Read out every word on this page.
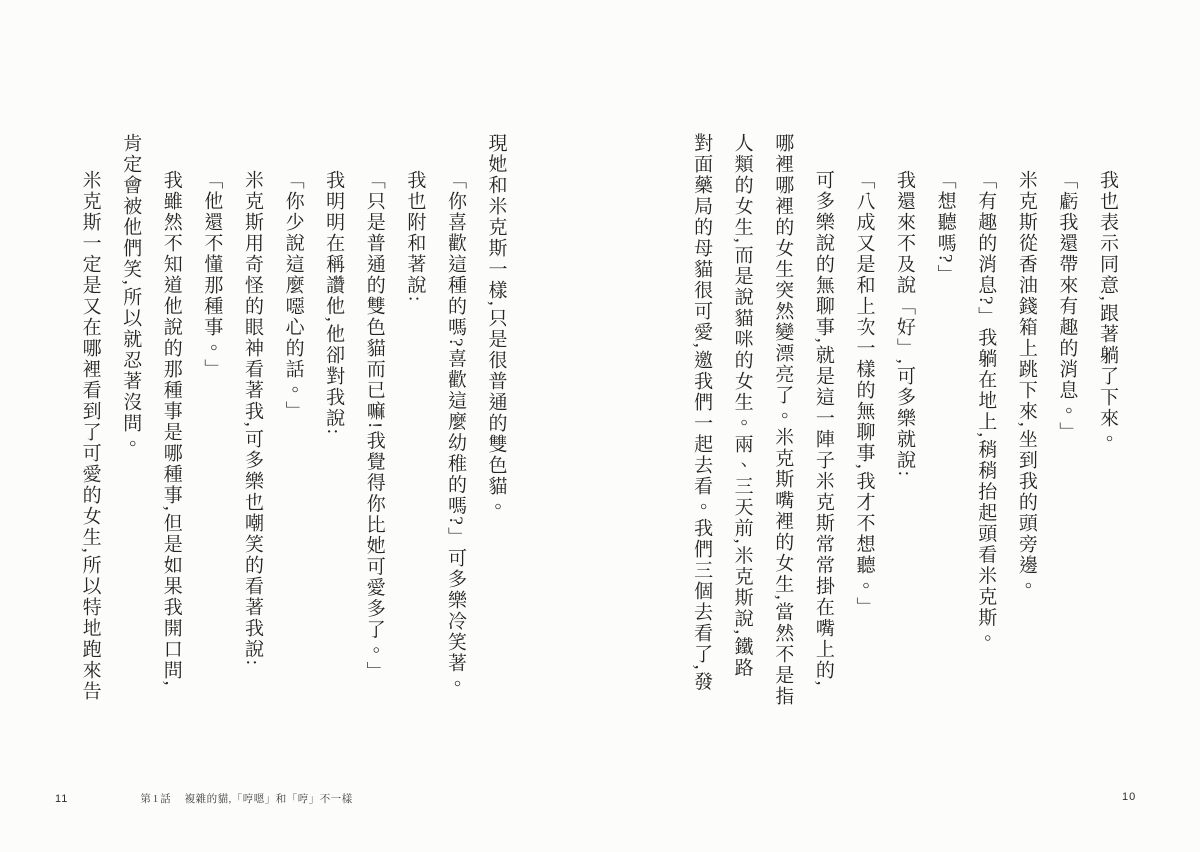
我也表示同意,跟著躺了下來。

「虧我還帶來有趣的消息。」

米克斯從香油錢箱上跳下來,坐到我的頭旁邊。

「有趣的消息?」我躺在地上,稍稍抬起頭看米克斯。

「想聽嗎?」

我還來不及說「好」,可多樂就說:

「八成又是和上次一樣的無聊事,我才不想聽。」

可多樂說的無聊事,就是這一陣子米克斯常常掛在嘴上的,

哪裡哪裡的女生突然變漂亮了。米克斯嘴裡的女生,當然不是指

人類的女生,而是說貓咪的女生。兩、三天前,米克斯說,鐵路

對面藥局的母貓很可愛,邀我們一起去看。我們三個去看了,發

10

現她和米克斯一樣,只是很普通的雙色貓。

「你喜歡這種的嗎?喜歡這麼幼稚的嗎?」可多樂冷笑著。

我也附和著說:

「只是普通的雙色貓而已嘛!我覺得你比她可愛多了。」

我明明在稱讚他,他卻對我說:

「你少說這麼噁心的話。」

米克斯用奇怪的眼神看著我,可多樂也嘲笑的看著我說:

「他還不懂那種事。」

我雖然不知道他說的那種事是哪種事,但是如果我開口問,

肯定會被他們笑,所以就忍著沒問。

米克斯一定是又在哪裡看到了可愛的女生,所以特地跑來告

11	第1話 複雜的貓,「哼嗯」和「哼」不一樣
